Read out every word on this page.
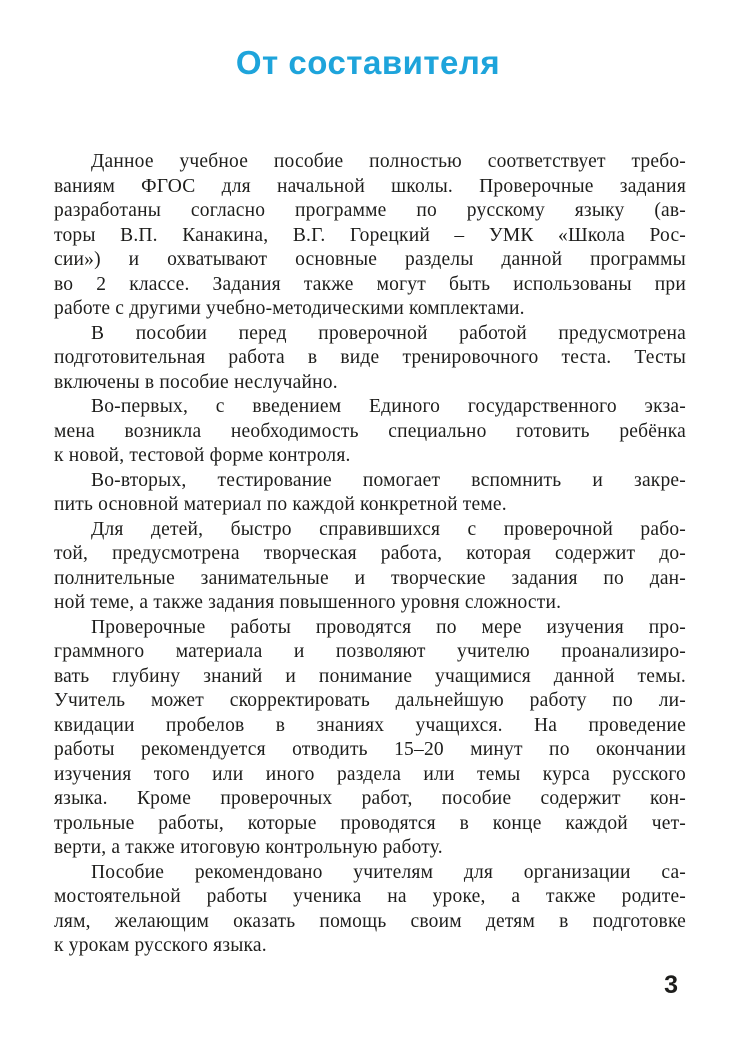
От составителя
Данное учебное пособие полностью соответствует требо-
ваниям ФГОС для начальной школы. Проверочные задания
разработаны согласно программе по русскому языку (ав-
торы В.П. Канакина, В.Г. Горецкий – УМК «Школа Рос-
сии») и охватывают основные разделы данной программы
во 2 классе. Задания также могут быть использованы при
работе с другими учебно-методическими комплектами.
В пособии перед проверочной работой предусмотрена
подготовительная работа в виде тренировочного теста. Тесты
включены в пособие неслучайно.
Во-первых, с введением Единого государственного экза-
мена возникла необходимость специально готовить ребёнка
к новой, тестовой форме контроля.
Во-вторых, тестирование помогает вспомнить и закре-
пить основной материал по каждой конкретной теме.
Для детей, быстро справившихся с проверочной рабо-
той, предусмотрена творческая работа, которая содержит до-
полнительные занимательные и творческие задания по дан-
ной теме, а также задания повышенного уровня сложности.
Проверочные работы проводятся по мере изучения про-
граммного материала и позволяют учителю проанализиро-
вать глубину знаний и понимание учащимися данной темы.
Учитель может скорректировать дальнейшую работу по ли-
квидации пробелов в знаниях учащихся. На проведение
работы рекомендуется отводить 15–20 минут по окончании
изучения того или иного раздела или темы курса русского
языка. Кроме проверочных работ, пособие содержит кон-
трольные работы, которые проводятся в конце каждой чет-
верти, а также итоговую контрольную работу.
Пособие рекомендовано учителям для организации са-
мостоятельной работы ученика на уроке, а также родите-
лям, желающим оказать помощь своим детям в подготовке
к урокам русского языка.
3
